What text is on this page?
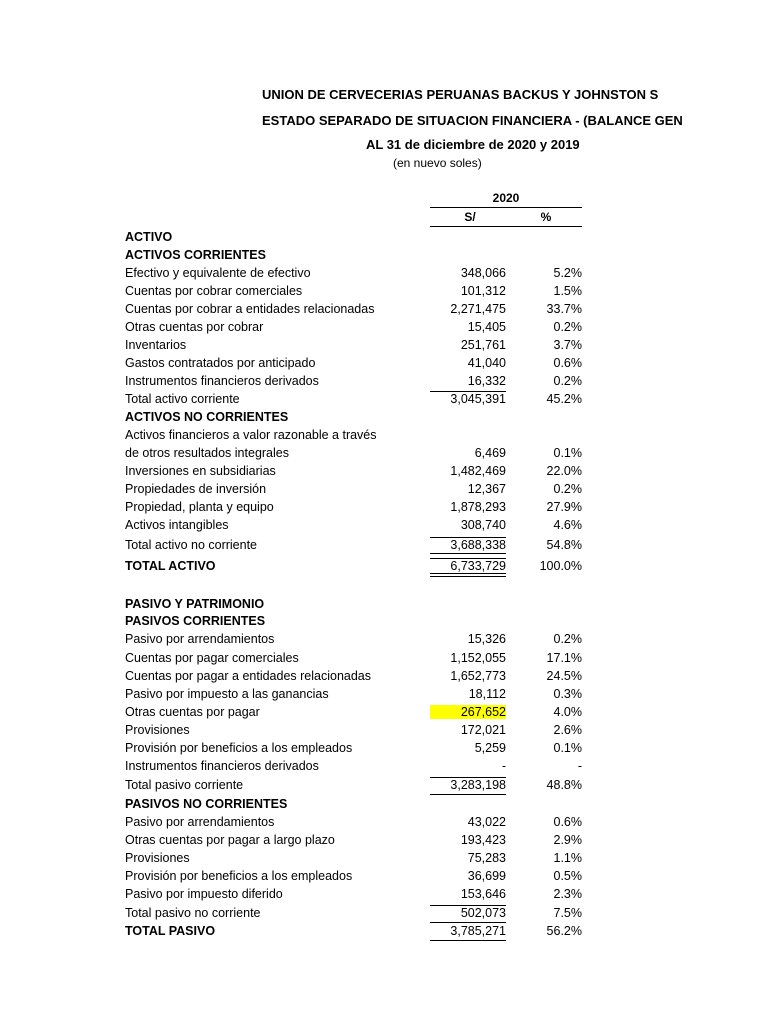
UNION DE CERVECERIAS PERUANAS BACKUS Y JOHNSTON S
ESTADO SEPARADO DE SITUACION FINANCIERA - (BALANCE GEN
AL 31 de diciembre de 2020 y 2019
(en nuevo soles)
2020
S/	%
ACTIVO
ACTIVOS CORRIENTES
Efectivo y equivalente de efectivo	348,066	5.2%
Cuentas por cobrar comerciales	101,312	1.5%
Cuentas por cobrar a entidades relacionadas	2,271,475	33.7%
Otras cuentas por cobrar	15,405	0.2%
Inventarios	251,761	3.7%
Gastos contratados por anticipado	41,040	0.6%
Instrumentos financieros derivados	16,332	0.2%
Total activo corriente	3,045,391	45.2%
ACTIVOS NO CORRIENTES
Activos financieros a valor razonable a través
de otros resultados integrales	6,469	0.1%
Inversiones en subsidiarias	1,482,469	22.0%
Propiedades de inversión	12,367	0.2%
Propiedad, planta y equipo	1,878,293	27.9%
Activos intangibles	308,740	4.6%
Total activo no corriente	3,688,338	54.8%
TOTAL ACTIVO	6,733,729	100.0%
PASIVO Y PATRIMONIO
PASIVOS CORRIENTES
Pasivo por arrendamientos	15,326	0.2%
Cuentas por pagar comerciales	1,152,055	17.1%
Cuentas por pagar a entidades relacionadas	1,652,773	24.5%
Pasivo por impuesto a las ganancias	18,112	0.3%
Otras cuentas por pagar	267,652	4.0%
Provisiones	172,021	2.6%
Provisión por beneficios a los empleados	5,259	0.1%
Instrumentos financieros derivados	-	-
Total pasivo corriente	3,283,198	48.8%
PASIVOS NO CORRIENTES
Pasivo por arrendamientos	43,022	0.6%
Otras cuentas por pagar a largo plazo	193,423	2.9%
Provisiones	75,283	1.1%
Provisión por beneficios a los empleados	36,699	0.5%
Pasivo por impuesto diferido	153,646	2.3%
Total pasivo no corriente	502,073	7.5%
TOTAL PASIVO	3,785,271	56.2%
